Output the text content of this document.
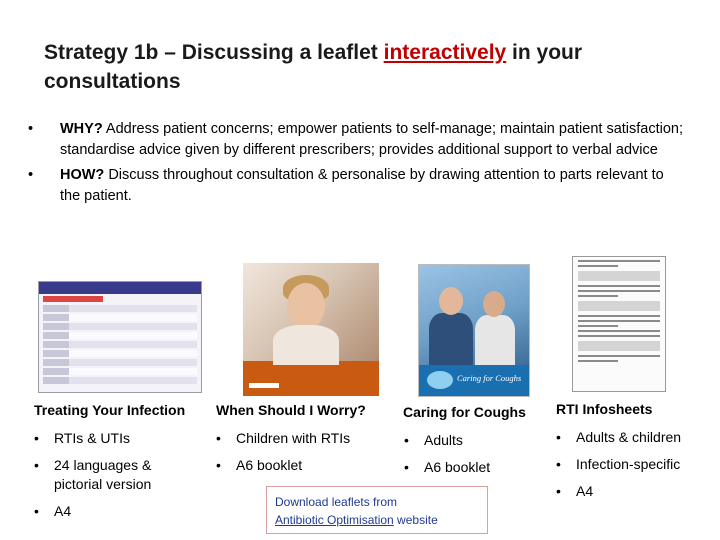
Strategy 1b – Discussing a leaflet interactively in your consultations
• WHY? Address patient concerns; empower patients to self-manage; maintain patient satisfaction; standardise advice given by different prescribers; provides additional support to verbal advice
• HOW? Discuss throughout consultation & personalise by drawing attention to parts relevant to the patient.
Caring for Coughs
Treating Your Infection When Should I Worry?	Caring for Coughs RTI Infosheets
• RTIs & UTIs
• 24 languages & pictorial version
• A4
• Children with RTIs
• A6 booklet
• Adults
• A6 booklet
• Adults & children
• Infection-specific
• A4
Download leaflets from
Antibiotic Optimisation website
